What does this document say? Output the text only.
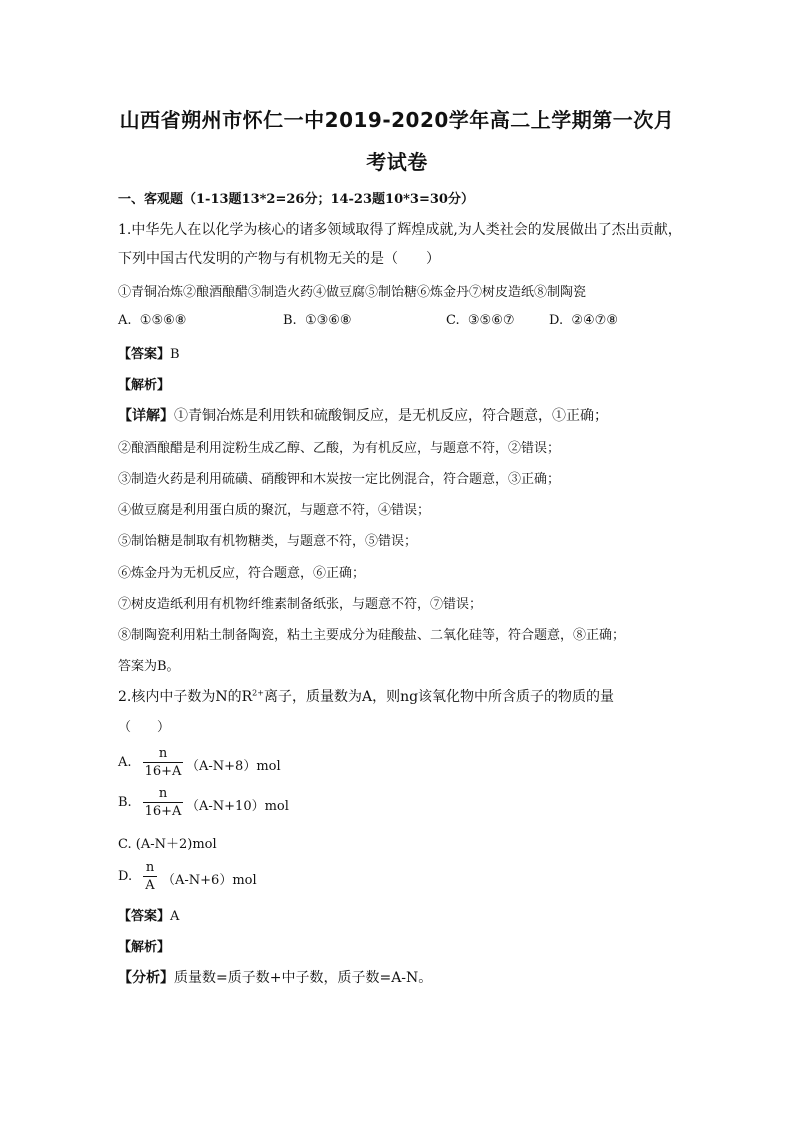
山西省朔州市怀仁一中2019-2020学年高二上学期第一次月
考试卷
一、客观题（1-13题13*2=26分；14-23题10*3=30分）
1.中华先人在以化学为核心的诸多领域取得了辉煌成就,为人类社会的发展做出了杰出贡献，
下列中国古代发明的产物与有机物无关的是（　　）
①青铜冶炼②酿酒酿醋③制造火药④做豆腐⑤制饴糖⑥炼金丹⑦树皮造纸⑧制陶瓷
A. ①⑤⑥⑧	B. ①③⑥⑧	C. ③⑤⑥⑦	D. ②④⑦⑧
【答案】B
【解析】
【详解】①青铜冶炼是利用铁和硫酸铜反应，是无机反应，符合题意，①正确；
②酿酒酿醋是利用淀粉生成乙醇、乙酸，为有机反应，与题意不符，②错误；
③制造火药是利用硫磺、硝酸钾和木炭按一定比例混合，符合题意，③正确；
④做豆腐是利用蛋白质的聚沉，与题意不符，④错误；
⑤制饴糖是制取有机物糖类，与题意不符，⑤错误；
⑥炼金丹为无机反应，符合题意，⑥正确；
⑦树皮造纸利用有机物纤维素制备纸张，与题意不符，⑦错误；
⑧制陶瓷利用粘土制备陶瓷，粘土主要成分为硅酸盐、二氧化硅等，符合题意，⑧正确；
答案为B。
2.核内中子数为N的$R^{2+}$离子，质量数为A，则ng该氧化物中所含质子的物质的量
（　　）
A.
n
16+A （A-N+8）mol
B.
n
16+A （A-N+10）mol
C. (A-N＋2)mol
D.
n
A （A-N+6）mol
【答案】A
【解析】
【分析】质量数=质子数+中子数，质子数=A-N。
